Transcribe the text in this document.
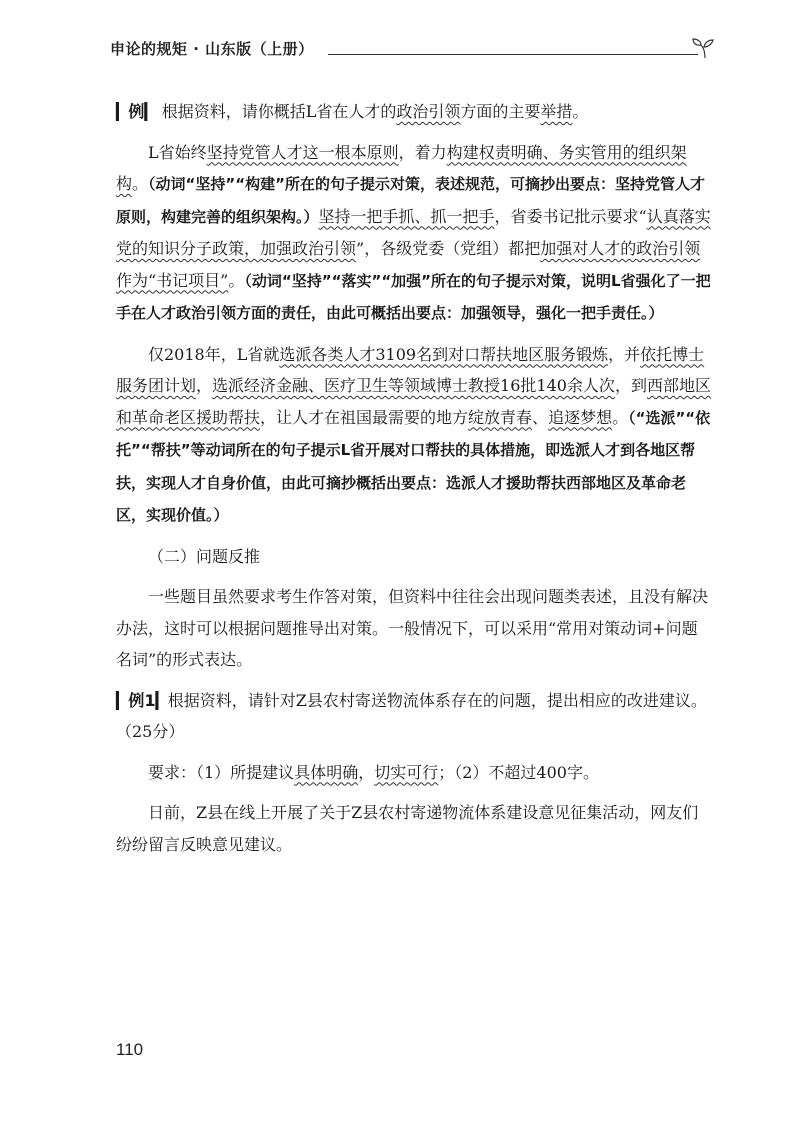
申论的规矩 · 山东版（上册）

▎例▎ 根据资料，请你概括L省在人才的政治引领方面的主要举措。

L省始终坚持党管人才这一根本原则，着力构建权责明确、务实管用的组织架构。（动词“坚持”“构建”所在的句子提示对策，表述规范，可摘抄出要点：坚持党管人才原则，构建完善的组织架构。）坚持一把手抓、抓一把手，省委书记批示要求“认真落实党的知识分子政策，加强政治引领”，各级党委（党组）都把加强对人才的政治引领作为“书记项目”。（动词“坚持”“落实”“加强”所在的句子提示对策，说明L省强化了一把手在人才政治引领方面的责任，由此可概括出要点：加强领导，强化一把手责任。）

仅2018年，L省就选派各类人才3109名到对口帮扶地区服务锻炼，并依托博士服务团计划，选派经济金融、医疗卫生等领域博士教授16批140余人次，到西部地区和革命老区援助帮扶，让人才在祖国最需要的地方绽放青春、追逐梦想。（“选派”“依托”“帮扶”等动词所在的句子提示L省开展对口帮扶的具体措施，即选派人才到各地区帮扶，实现人才自身价值，由此可摘抄概括出要点：选派人才援助帮扶西部地区及革命老区，实现价值。）

（二）问题反推

一些题目虽然要求考生作答对策，但资料中往往会出现问题类表述，且没有解决办法，这时可以根据问题推导出对策。一般情况下，可以采用“常用对策动词+问题名词”的形式表达。

▎例1▎根据资料，请针对Z县农村寄送物流体系存在的问题，提出相应的改进建议。（25分）

要求：（1）所提建议具体明确，切实可行；（2）不超过400字。

日前，Z县在线上开展了关于Z县农村寄递物流体系建设意见征集活动，网友们纷纷留言反映意见建议。

110
